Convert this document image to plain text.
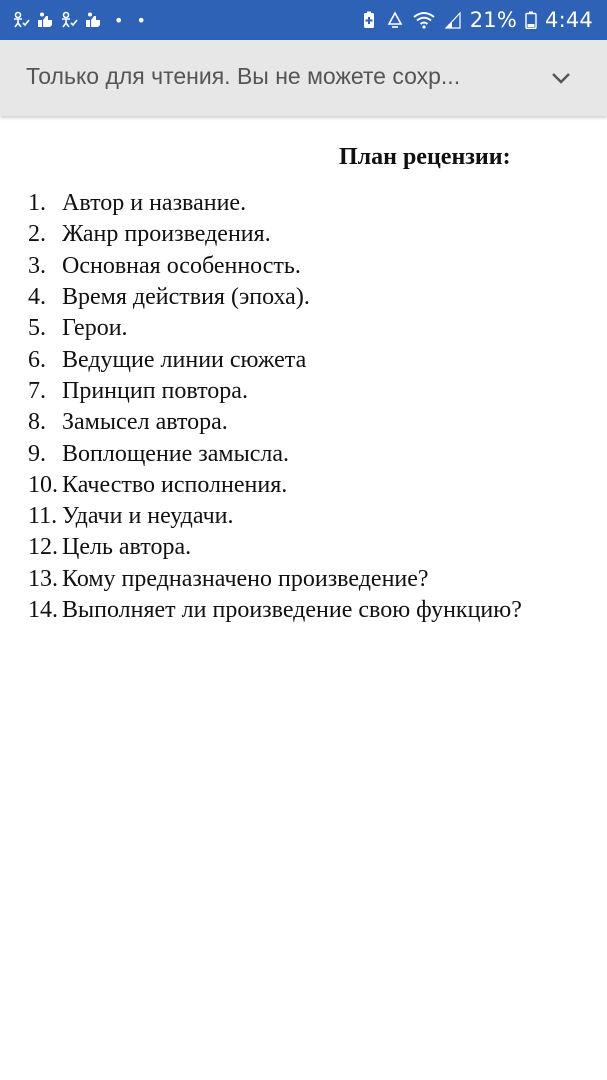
• •	21% 4:44
Только для чтения. Вы не можете сохр...
План рецензии:
1. Автор и название.
2. Жанр произведения.
3. Основная особенность.
4. Время действия (эпоха).
5. Герои.
6. Ведущие линии сюжета
7. Принцип повтора.
8. Замысел автора.
9. Воплощение замысла.
10. Качество исполнения.
11. Удачи и неудачи.
12. Цель автора.
13. Кому предназначено произведение?
14. Выполняет ли произведение свою функцию?
